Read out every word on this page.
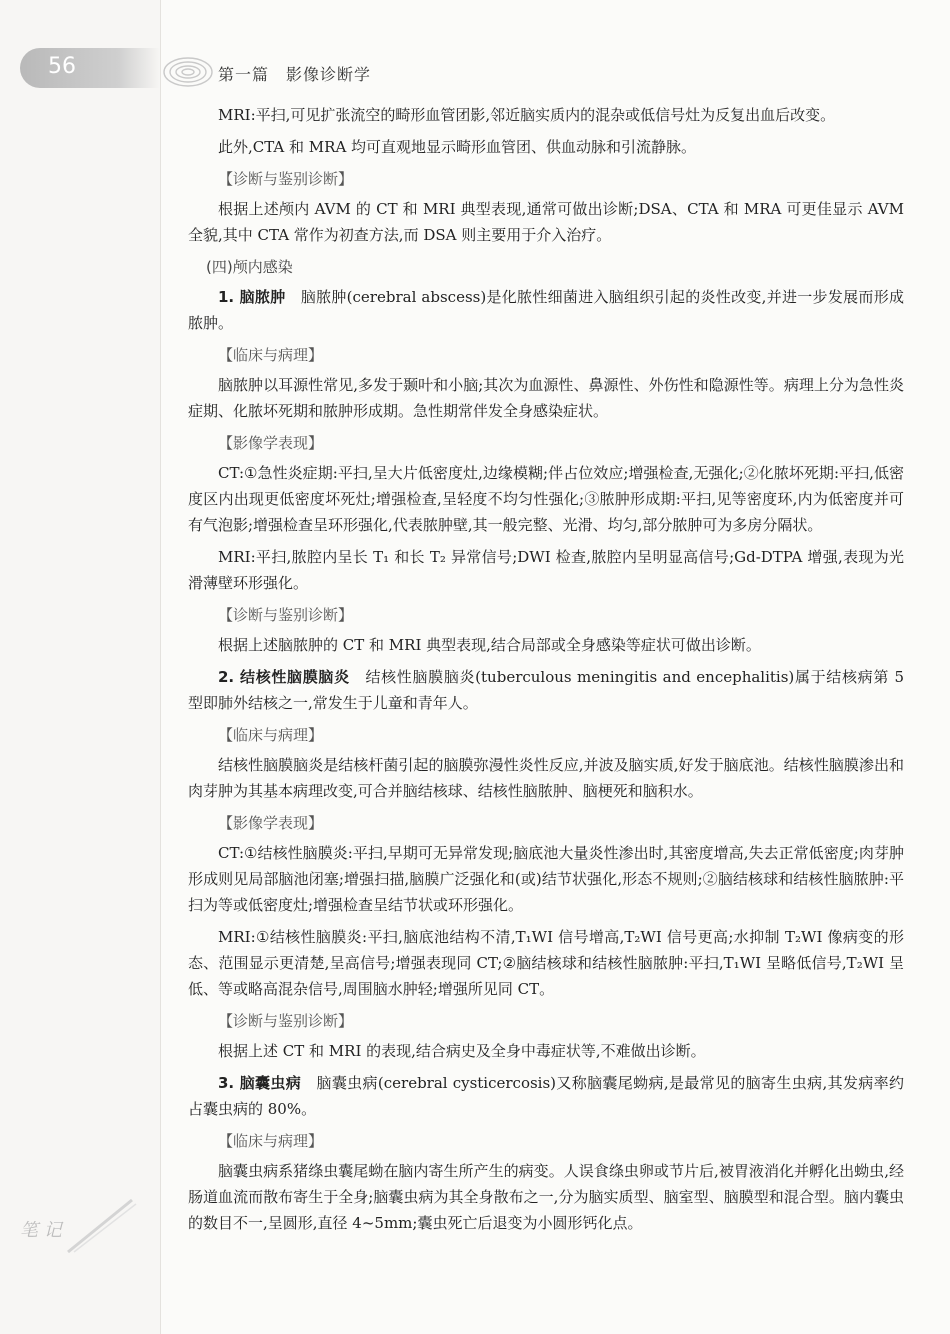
56	第一篇　影像诊断学
笔 记

MRI:平扫,可见扩张流空的畸形血管团影,邻近脑实质内的混杂或低信号灶为反复出血后改变。

此外,CTA 和 MRA 均可直观地显示畸形血管团、供血动脉和引流静脉。

【诊断与鉴别诊断】

根据上述颅内 AVM 的 CT 和 MRI 典型表现,通常可做出诊断;DSA、CTA 和 MRA 可更佳显示 AVM 全貌,其中 CTA 常作为初查方法,而 DSA 则主要用于介入治疗。

(四)颅内感染

1. 脑脓肿　 脑脓肿(cerebral abscess)是化脓性细菌进入脑组织引起的炎性改变,并进一步发展而形成脓肿。

【临床与病理】

脑脓肿以耳源性常见,多发于颞叶和小脑;其次为血源性、鼻源性、外伤性和隐源性等。病理上分为急性炎症期、化脓坏死期和脓肿形成期。急性期常伴发全身感染症状。

【影像学表现】

CT:①急性炎症期:平扫,呈大片低密度灶,边缘模糊;伴占位效应;增强检查,无强化;②化脓坏死期:平扫,低密度区内出现更低密度坏死灶;增强检查,呈轻度不均匀性强化;③脓肿形成期:平扫,见等密度环,内为低密度并可有气泡影;增强检查呈环形强化,代表脓肿壁,其一般完整、光滑、均匀,部分脓肿可为多房分隔状。

MRI:平扫,脓腔内呈长 T₁ 和长 T₂ 异常信号;DWI 检查,脓腔内呈明显高信号;Gd-DTPA 增强,表现为光滑薄壁环形强化。

【诊断与鉴别诊断】

根据上述脑脓肿的 CT 和 MRI 典型表现,结合局部或全身感染等症状可做出诊断。

2. 结核性脑膜脑炎　 结核性脑膜脑炎(tuberculous meningitis and encephalitis)属于结核病第 5 型即肺外结核之一,常发生于儿童和青年人。

【临床与病理】

结核性脑膜脑炎是结核杆菌引起的脑膜弥漫性炎性反应,并波及脑实质,好发于脑底池。结核性脑膜渗出和肉芽肿为其基本病理改变,可合并脑结核球、结核性脑脓肿、脑梗死和脑积水。

【影像学表现】

CT:①结核性脑膜炎:平扫,早期可无异常发现;脑底池大量炎性渗出时,其密度增高,失去正常低密度;肉芽肿形成则见局部脑池闭塞;增强扫描,脑膜广泛强化和(或)结节状强化,形态不规则;②脑结核球和结核性脑脓肿:平扫为等或低密度灶;增强检查呈结节状或环形强化。

MRI:①结核性脑膜炎:平扫,脑底池结构不清,T₁WI 信号增高,T₂WI 信号更高;水抑制 T₂WI 像病变的形态、范围显示更清楚,呈高信号;增强表现同 CT;②脑结核球和结核性脑脓肿:平扫,T₁WI 呈略低信号,T₂WI 呈低、等或略高混杂信号,周围脑水肿轻;增强所见同 CT。

【诊断与鉴别诊断】

根据上述 CT 和 MRI 的表现,结合病史及全身中毒症状等,不难做出诊断。

3. 脑囊虫病　 脑囊虫病(cerebral cysticercosis)又称脑囊尾蚴病,是最常见的脑寄生虫病,其发病率约占囊虫病的 80%。

【临床与病理】

脑囊虫病系猪绦虫囊尾蚴在脑内寄生所产生的病变。人误食绦虫卵或节片后,被胃液消化并孵化出蚴虫,经肠道血流而散布寄生于全身;脑囊虫病为其全身散布之一,分为脑实质型、脑室型、脑膜型和混合型。脑内囊虫的数目不一,呈圆形,直径 4~5mm;囊虫死亡后退变为小圆形钙化点。
